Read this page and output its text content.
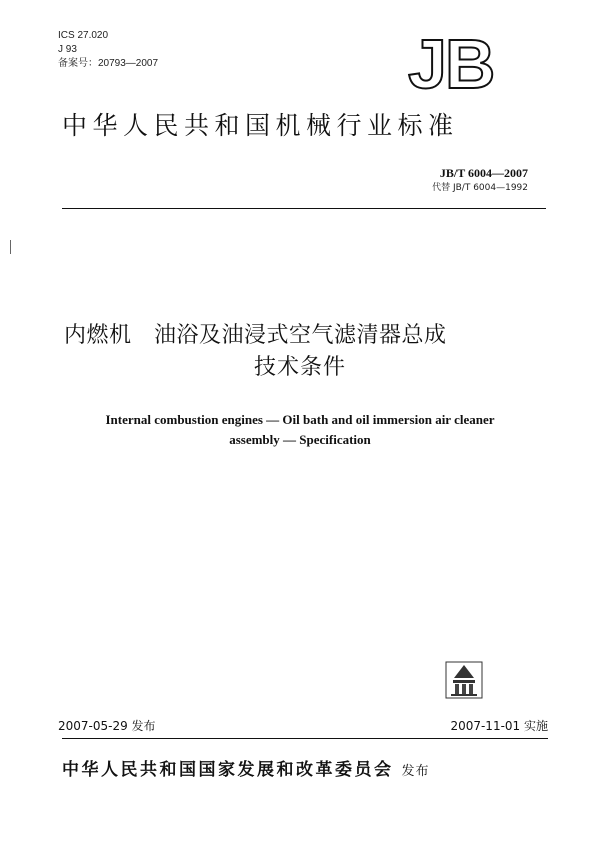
ICS 27.020
J 93
备案号：20793—2007	JB
中华人民共和国机械行业标准
JB/T 6004—2007
代替 JB/T 6004—1992
内燃机　油浴及油浸式空气滤清器总成
技术条件
Internal combustion engines — Oil bath and oil immersion air cleaner
assembly — Specification
2007-05-29 发布	2007-11-01 实施
中华人民共和国国家发展和改革委员会 发布
